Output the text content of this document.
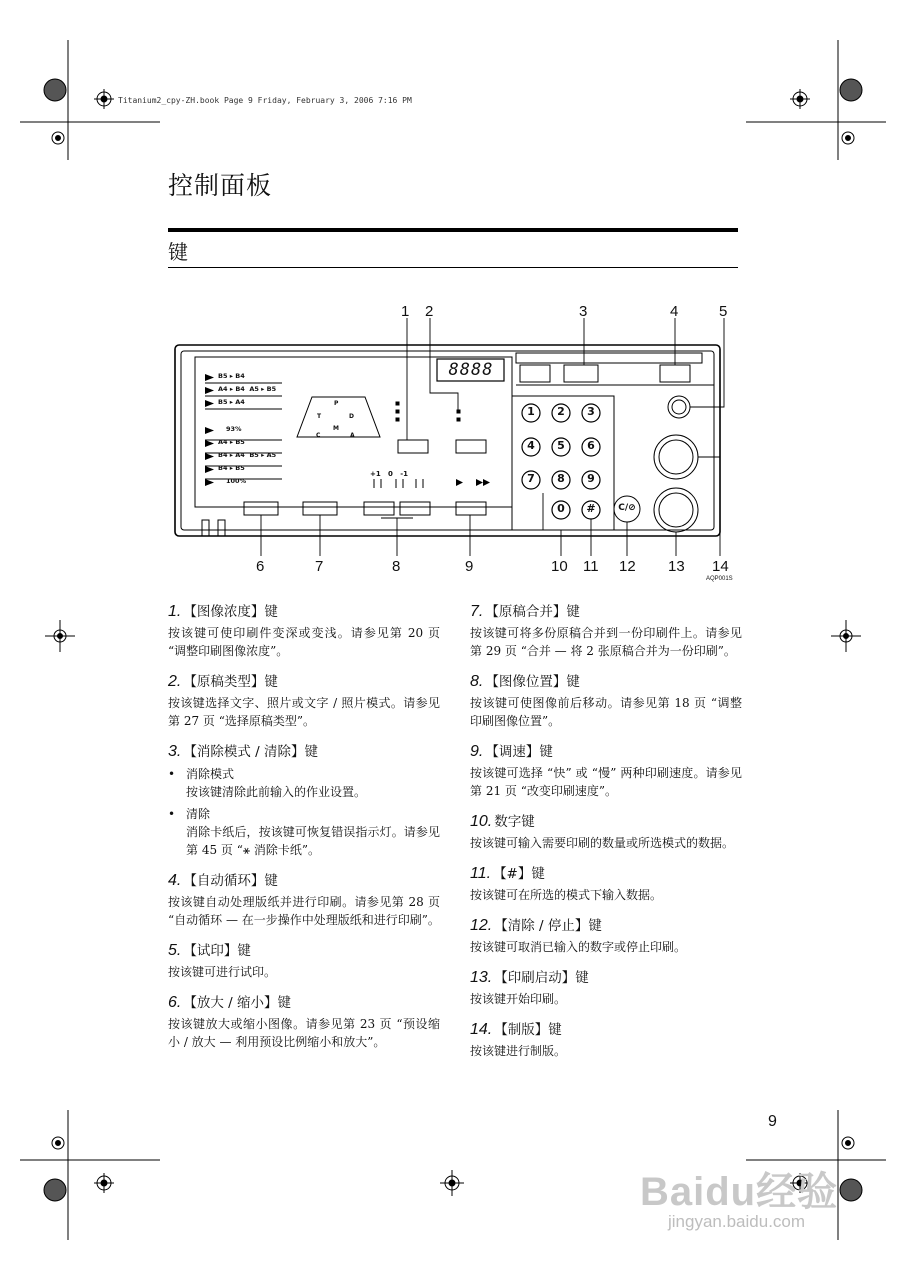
Titanium2_cpy-ZH.book Page 9 Friday, February 3, 2006 7:16 PM
控制面板
键
8888
B5 ▸ B4
A4 ▸ B4  A5 ▸ B5
B5 ▸ A4
93%
A4 ▸ B5
B4 ▸ A4  B5 ▸ A5
B4 ▸ B5
100%
P
T	D
M
C	A
+1   0   -1
1 2 3
4 5 6
7 8 9
0 #	C/⊘
1 2	3	4	5
6	7	8	9	10 11 12 13 14
AQP001S
1. 【图像浓度】键
按该键可使印刷件变深或变浅。请参见第 20 页 “调整印刷图像浓度”。
2. 【原稿类型】键
按该键选择文字、照片或文字 / 照片模式。请参见第 27 页 “选择原稿类型”。
3. 【消除模式 / 清除】键
• 消除模式
按该键清除此前输入的作业设置。
• 清除
消除卡纸后，按该键可恢复错误指示灯。请参见第 45 页 “⚹ 消除卡纸”。
4. 【自动循环】键
按该键自动处理版纸并进行印刷。请参见第 28 页 “自动循环 — 在一步操作中处理版纸和进行印刷”。
5. 【试印】键
按该键可进行试印。
6. 【放大 / 缩小】键
按该键放大或缩小图像。请参见第 23 页 “预设缩小 / 放大 — 利用预设比例缩小和放大”。
7. 【原稿合并】键
按该键可将多份原稿合并到一份印刷件上。请参见第 29 页 “合并 — 将 2 张原稿合并为一份印刷”。
8. 【图像位置】键
按该键可使图像前后移动。请参见第 18 页 “调整印刷图像位置”。
9. 【调速】键
按该键可选择 “快” 或 “慢” 两种印刷速度。请参见第 21 页 “改变印刷速度”。
10. 数字键
按该键可输入需要印刷的数量或所选模式的数据。
11. 【#】键
按该键可在所选的模式下输入数据。
12. 【清除 / 停止】键
按该键可取消已输入的数字或停止印刷。
13. 【印刷启动】键
按该键开始印刷。
14. 【制版】键
按该键进行制版。
9
Baidu经验
jingyan.baidu.com
